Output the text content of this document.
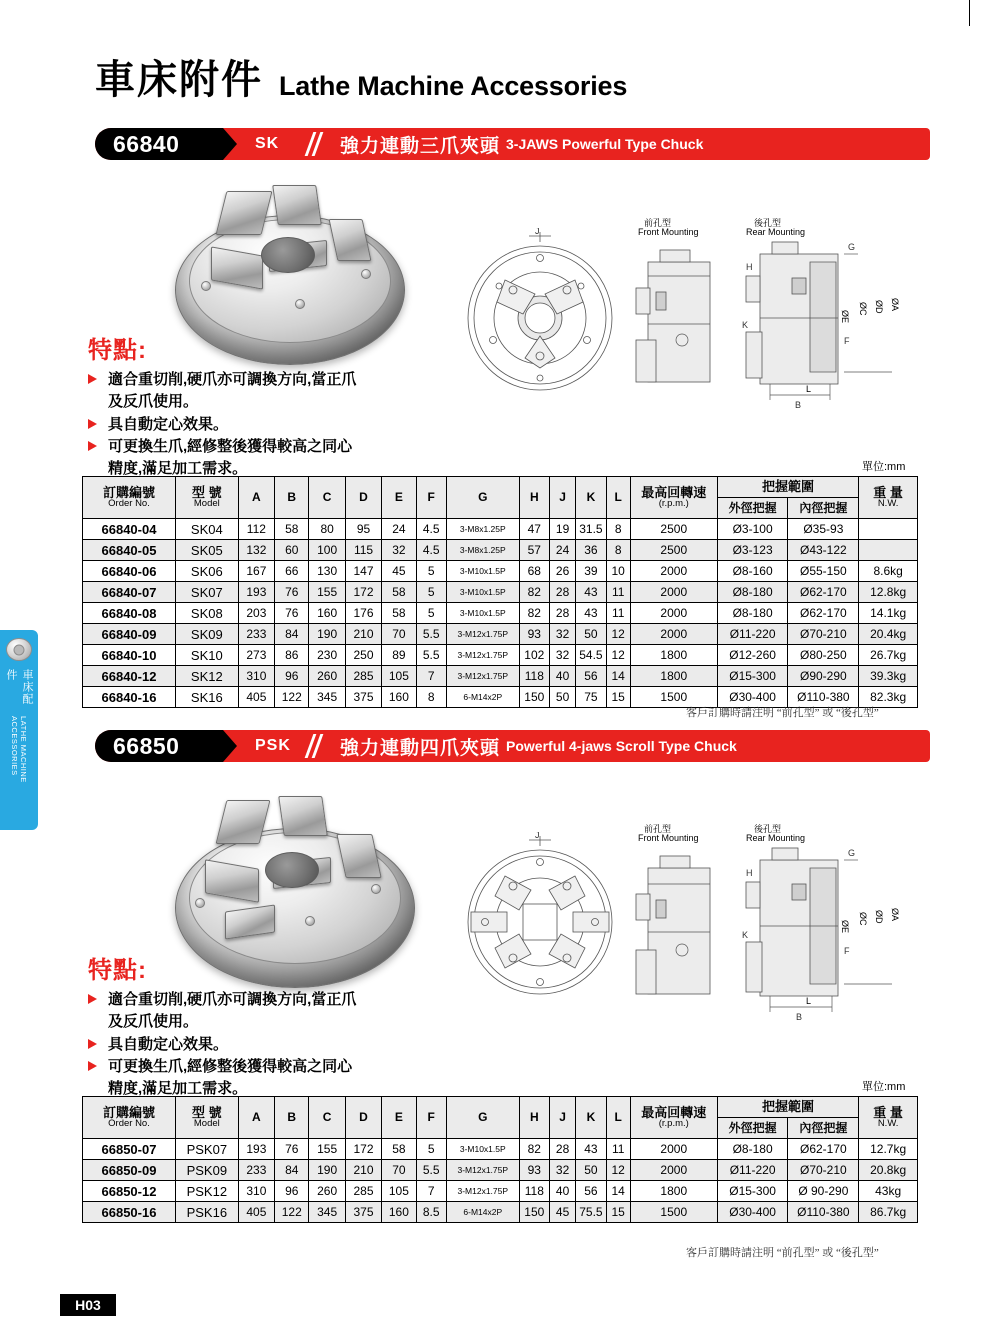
車床配件
LATHE MACHINE ACCESSORIES
車床附件 Lathe Machine Accessories
66840	SK	強力連動三爪夾頭 3-JAWS Powerful Type Chuck
J
前孔型
Front Mounting
G
H
K
B
F
後孔型
Rear Mounting
ØE
ØC ØD ØA
L
特點:
適合重切削,硬爪亦可調換方向,當正爪
及反爪使用。
具自動定心效果。
可更換生爪,經修整後獲得較高之同心
精度,滿足加工需求。	單位:mm
訂購編號
Order No.	型 號
Model	A	B	C	D	E	F	G	H	J	K	L	最高回轉速
(r.p.m.)	把握範圍		重 量
N.W.

														外徑把握	內徑把握	
66840-04	SK04	112	58	80	95	24	4.5	3-M8x1.25P	47	19	31.5	8	2500	Ø3-100	Ø35-93	
66840-05	SK05	132	60	100	115	32	4.5	3-M8x1.25P	57	24	36	8	2500	Ø3-123	Ø43-122	
66840-06	SK06	167	66	130	147	45	5	3-M10x1.5P	68	26	39	10	2000	Ø8-160	Ø55-150	8.6kg
66840-07	SK07	193	76	155	172	58	5	3-M10x1.5P	82	28	43	11	2000	Ø8-180	Ø62-170	12.8kg
66840-08	SK08	203	76	160	176	58	5	3-M10x1.5P	82	28	43	11	2000	Ø8-180	Ø62-170	14.1kg
66840-09	SK09	233	84	190	210	70	5.5	3-M12x1.75P	93	32	50	12	2000	Ø11-220	Ø70-210	20.4kg
66840-10	SK10	273	86	230	250	89	5.5	3-M12x1.75P	102	32	54.5	12	1800	Ø12-260	Ø80-250	26.7kg
66840-12	SK12	310	96	260	285	105	7	3-M12x1.75P	118	40	56	14	1800	Ø15-300	Ø90-290	39.3kg
66840-16	SK16	405	122	345	375	160	8	6-M14x2P	150	50	75	15	1500	Ø30-400	Ø110-380	82.3kg
客戶訂購時請注明 “前孔型” 或 “後孔型”
66850	PSK	強力連動四爪夾頭 Powerful 4-jaws Scroll Type Chuck
J
前孔型
Front Mounting
G
H
K
B
F
後孔型
Rear Mounting
ØE
ØC ØD ØA
L
特點:
適合重切削,硬爪亦可調換方向,當正爪
及反爪使用。
具自動定心效果。
可更換生爪,經修整後獲得較高之同心
精度,滿足加工需求。	單位:mm
訂購編號
Order No.	型 號
Model	A	B	C	D	E	F	G	H	J	K	L	最高回轉速
(r.p.m.)	把握範圍		重 量
N.W.

														外徑把握	內徑把握	
66850-07	PSK07	193	76	155	172	58	5	3-M10x1.5P	82	28	43	11	2000	Ø8-180	Ø62-170	12.7kg
66850-09	PSK09	233	84	190	210	70	5.5	3-M12x1.75P	93	32	50	12	2000	Ø11-220	Ø70-210	20.8kg
66850-12	PSK12	310	96	260	285	105	7	3-M12x1.75P	118	40	56	14	1800	Ø15-300	Ø 90-290	43kg
66850-16	PSK16	405	122	345	375	160	8.5	6-M14x2P	150	45	75.5	15	1500	Ø30-400	Ø110-380	86.7kg
客戶訂購時請注明 “前孔型” 或 “後孔型”
H03
